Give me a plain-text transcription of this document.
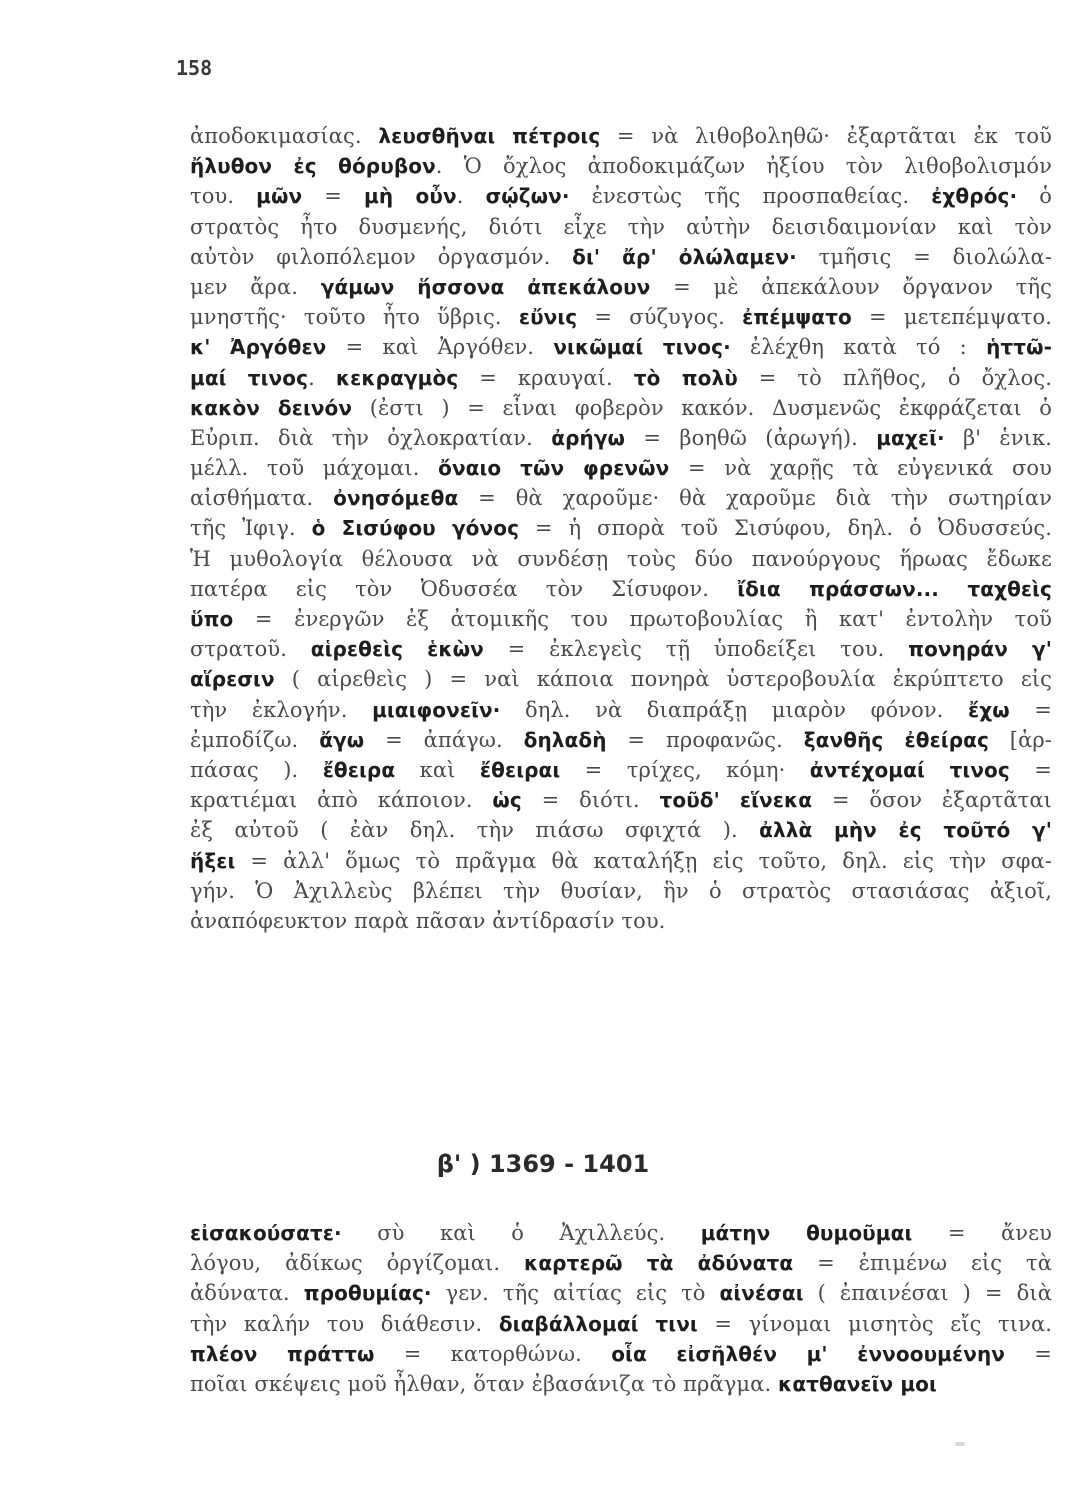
158
ἀποδοκιμασίας. λευσθῆναι πέτροις = νὰ λιθοβοληθῶ· ἐξαρτᾶται ἐκ τοῦ
ἤλυθον ἐς θόρυβον. Ὁ ὄχλος ἀποδοκιμάζων ἠξίου τὸν λιθοβολισμόν
του. μῶν = μὴ οὖν. σῴζων· ἐνεστὼς τῆς προσπαθείας. ἐχθρός· ὁ
στρατὸς ἦτο δυσμενής, διότι εἶχε τὴν αὐτὴν δεισιδαιμονίαν καὶ τὸν
αὐτὸν φιλοπόλεμον ὀργασμόν. δι' ἄρ' ὀλώλαμεν· τμῆσις = διολώλα-
μεν ἄρα. γάμων ἥσσονα ἀπεκάλουν = μὲ ἀπεκάλουν ὄργανον τῆς
μνηστῆς· τοῦτο ἦτο ὕβρις. εὔνις = σύζυγος. ἐπέμψατο = μετεπέμψατο.
κ' Ἀργόθεν = καὶ Ἀργόθεν. νικῶμαί τινος· ἐλέχθη κατὰ τό : ἡττῶ-
μαί τινος. κεκραγμὸς = κραυγαί. τὸ πολὺ = τὸ πλῆθος, ὁ ὄχλος.
κακὸν δεινόν (ἐστι ) = εἶναι φοβερὸν κακόν. Δυσμενῶς ἐκφράζεται ὁ
Εὐριπ. διὰ τὴν ὀχλοκρατίαν. ἀρήγω = βοηθῶ (ἀρωγή). μαχεῖ· β' ἑνικ.
μέλλ. τοῦ μάχομαι. ὄναιο τῶν φρενῶν = νὰ χαρῇς τὰ εὐγενικά σου
αἰσθήματα. ὀνησόμεθα = θὰ χαροῦμε· θὰ χαροῦμε διὰ τὴν σωτηρίαν
τῆς Ἰφιγ. ὁ Σισύφου γόνος = ἡ σπορὰ τοῦ Σισύφου, δηλ. ὁ Ὀδυσσεύς.
Ἡ μυθολογία θέλουσα νὰ συνδέσῃ τοὺς δύο πανούργους ἥρωας ἔδωκε
πατέρα εἰς τὸν Ὀδυσσέα τὸν Σίσυφον. ἴδια πράσσων... ταχθεὶς
ὕπο = ἐνεργῶν ἐξ ἀτομικῆς του πρωτοβουλίας ἢ κατ' ἐντολὴν τοῦ
στρατοῦ. αἱρεθεὶς ἑκὼν = ἐκλεγεὶς τῇ ὑποδείξει του. πονηράν γ'
αἵρεσιν ( αἱρεθεὶς ) = ναὶ κάποια πονηρὰ ὑστεροβουλία ἐκρύπτετο εἰς
τὴν ἐκλογήν. μιαιφονεῖν· δηλ. νὰ διαπράξῃ μιαρὸν φόνον. ἔχω =
ἐμποδίζω. ἄγω = ἀπάγω. δηλαδὴ = προφανῶς. ξανθῆς ἐθείρας [ἀρ-
πάσας ). ἔθειρα καὶ ἔθειραι = τρίχες, κόμη· ἀντέχομαί τινος =
κρατιέμαι ἀπὸ κάποιον. ὡς = διότι. τοῦδ' εἵνεκα = ὅσον ἐξαρτᾶται
ἐξ αὐτοῦ ( ἐὰν δηλ. τὴν πιάσω σφιχτά ). ἀλλὰ μὴν ἐς τοῦτό γ'
ἥξει = ἀλλ' ὅμως τὸ πρᾶγμα θὰ καταλήξῃ εἰς τοῦτο, δηλ. εἰς τὴν σφα-
γήν. Ὁ Ἀχιλλεὺς βλέπει τὴν θυσίαν, ἣν ὁ στρατὸς στασιάσας ἀξιοῖ,
ἀναπόφευκτον παρὰ πᾶσαν ἀντίδρασίν του.
β' ) 1369 - 1401
εἰσακούσατε· σὺ καὶ ὁ Ἀχιλλεύς. μάτην θυμοῦμαι = ἄνευ
λόγου, ἀδίκως ὀργίζομαι. καρτερῶ τὰ ἀδύνατα = ἐπιμένω εἰς τὰ
ἀδύνατα. προθυμίας· γεν. τῆς αἰτίας εἰς τὸ αἰνέσαι ( ἐπαινέσαι ) = διὰ
τὴν καλήν του διάθεσιν. διαβάλλομαί τινι = γίνομαι μισητὸς εἴς τινα.
πλέον πράττω = κατορθώνω. οἷα εἰσῆλθέν μ' ἐννοουμένην =
ποῖαι σκέψεις μοῦ ἦλθαν, ὅταν ἐβασάνιζα τὸ πρᾶγμα. κατθανεῖν μοι
